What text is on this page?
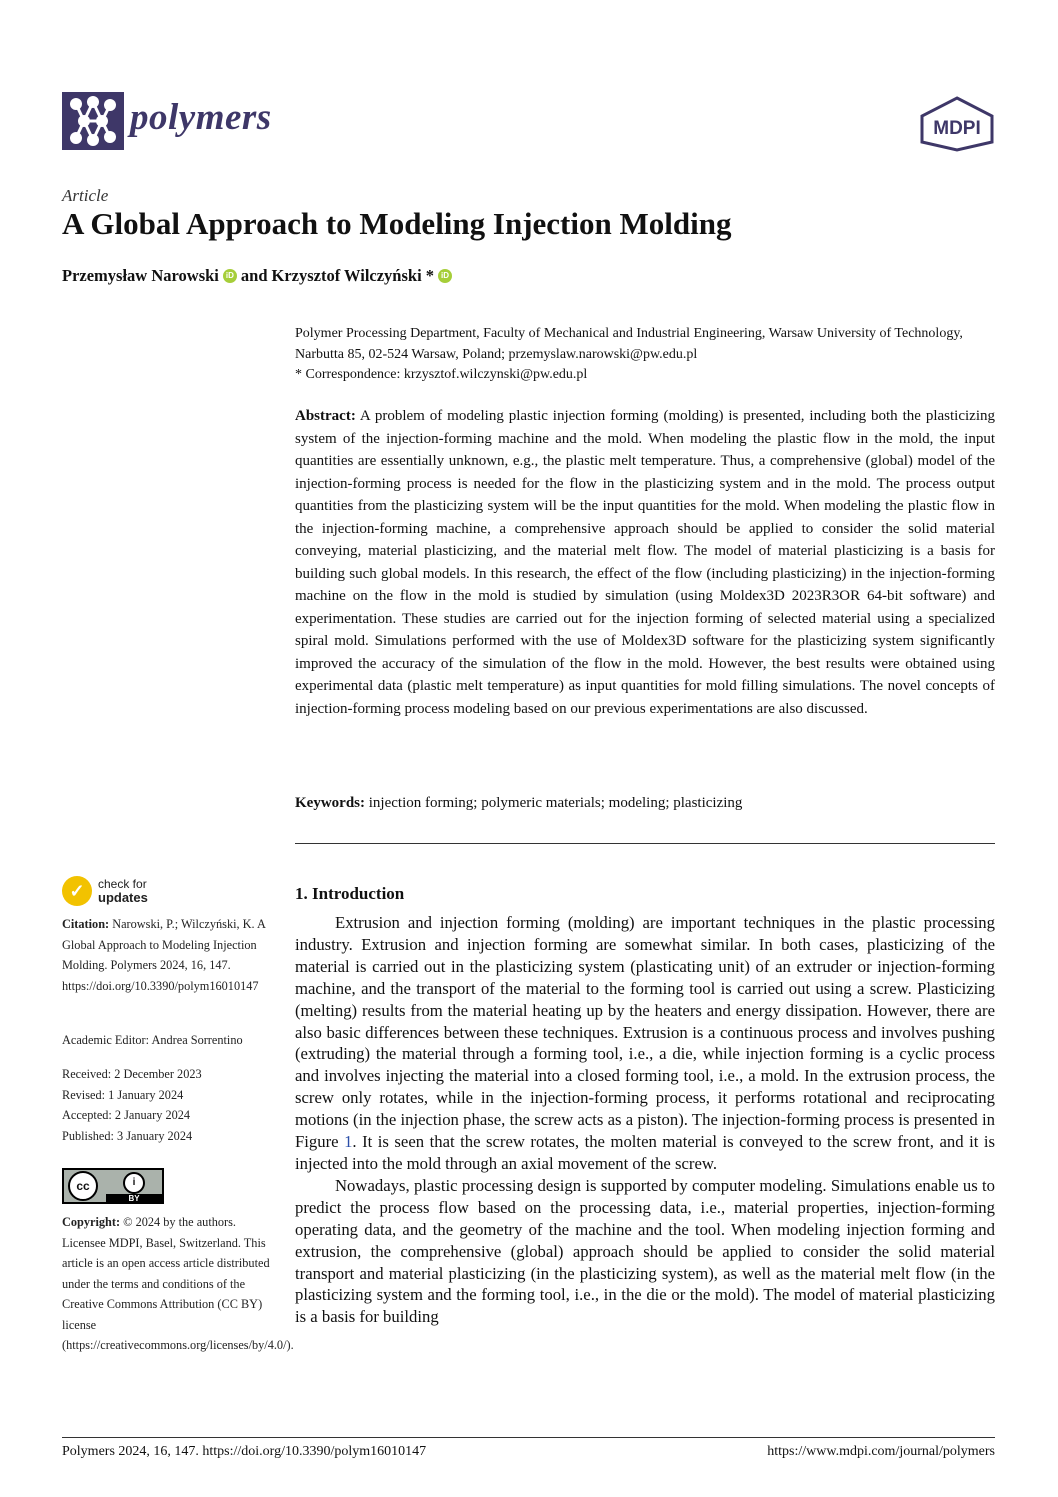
polymers	MDPI
Article
A Global Approach to Modeling Injection Molding
Przemysław Narowski iD and Krzysztof Wilczyński * iD
Polymer Processing Department, Faculty of Mechanical and Industrial Engineering, Warsaw University of Technology, Narbutta 85, 02-524 Warsaw, Poland; przemyslaw.narowski@pw.edu.pl
* Correspondence: krzysztof.wilczynski@pw.edu.pl
Abstract: A problem of modeling plastic injection forming (molding) is presented, including both the plasticizing system of the injection-forming machine and the mold. When modeling the plastic flow in the mold, the input quantities are essentially unknown, e.g., the plastic melt temperature. Thus, a comprehensive (global) model of the injection-forming process is needed for the flow in the plasticizing system and in the mold. The process output quantities from the plasticizing system will be the input quantities for the mold. When modeling the plastic flow in the injection-forming machine, a comprehensive approach should be applied to consider the solid material conveying, material plasticizing, and the material melt flow. The model of material plasticizing is a basis for building such global models. In this research, the effect of the flow (including plasticizing) in the injection-forming machine on the flow in the mold is studied by simulation (using Moldex3D 2023R3OR 64-bit software) and experimentation. These studies are carried out for the injection forming of selected material using a specialized spiral mold. Simulations performed with the use of Moldex3D software for the plasticizing system significantly improved the accuracy of the simulation of the flow in the mold. However, the best results were obtained using experimental data (plastic melt temperature) as input quantities for mold filling simulations. The novel concepts of injection-forming process modeling based on our previous experimentations are also discussed.
Keywords: injection forming; polymeric materials; modeling; plasticizing
✓	check for
updates
Citation: Narowski, P.; Wilczyński, K. A Global Approach to Modeling Injection Molding. Polymers 2024, 16, 147. https://doi.org/10.3390/polym16010147
Academic Editor: Andrea Sorrentino
Received: 2 December 2023
Revised: 1 January 2024
Accepted: 2 January 2024
Published: 3 January 2024
cc	i
BY
Copyright: © 2024 by the authors. Licensee MDPI, Basel, Switzerland. This article is an open access article distributed under the terms and conditions of the Creative Commons Attribution (CC BY) license (https://creativecommons.org/licenses/by/4.0/).
1. Introduction

Extrusion and injection forming (molding) are important techniques in the plastic processing industry. Extrusion and injection forming are somewhat similar. In both cases, plasticizing of the material is carried out in the plasticizing system (plasticating unit) of an extruder or injection-forming machine, and the transport of the material to the forming tool is carried out using a screw. Plasticizing (melting) results from the material heating up by the heaters and energy dissipation. However, there are also basic differences between these techniques. Extrusion is a continuous process and involves pushing (extruding) the material through a forming tool, i.e., a die, while injection forming is a cyclic process and involves injecting the material into a closed forming tool, i.e., a mold. In the extrusion process, the screw only rotates, while in the injection-forming process, it performs rotational and reciprocating motions (in the injection phase, the screw acts as a piston). The injection-forming process is presented in Figure 1. It is seen that the screw rotates, the molten material is conveyed to the screw front, and it is injected into the mold through an axial movement of the screw.

Nowadays, plastic processing design is supported by computer modeling. Simulations enable us to predict the process flow based on the processing data, i.e., material properties, injection-forming operating data, and the geometry of the machine and the tool. When modeling injection forming and extrusion, the comprehensive (global) approach should be applied to consider the solid material transport and material plasticizing (in the plasticizing system), as well as the material melt flow (in the plasticizing system and the forming tool, i.e., in the die or the mold). The model of material plasticizing is a basis for building

Polymers 2024, 16, 147. https://doi.org/10.3390/polym16010147	https://www.mdpi.com/journal/polymers
